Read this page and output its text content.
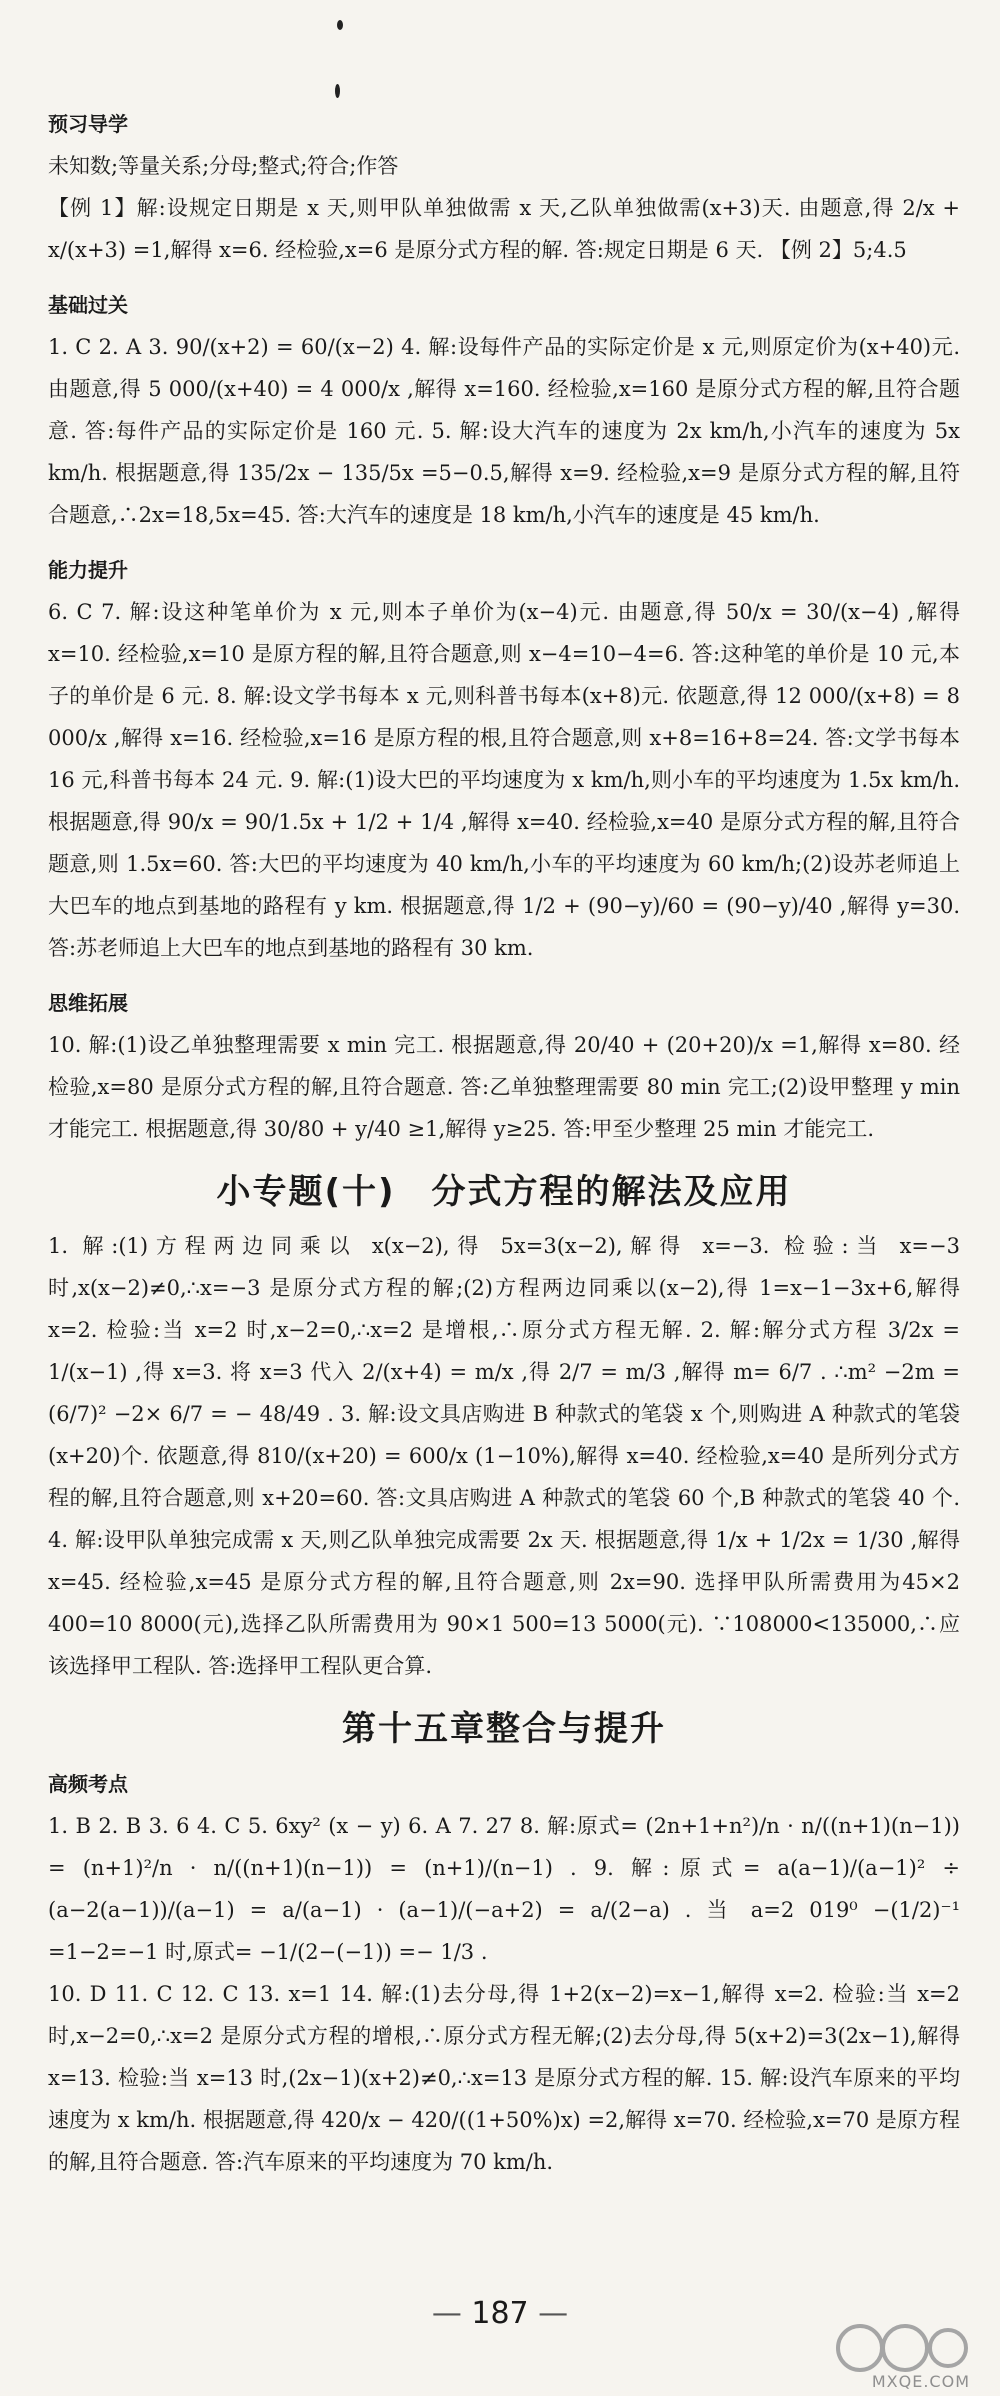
预习导学

未知数;等量关系;分母;整式;符合;作答

【例 1】解:设规定日期是 x 天,则甲队单独做需 x 天,乙队单独做需(x+3)天. 由题意,得 2/x + x/(x+3) =1,解得 x=6. 经检验,x=6 是原分式方程的解. 答:规定日期是 6 天. 【例 2】5;4.5

基础过关

1. C 2. A 3. 90/(x+2) = 60/(x−2) 4. 解:设每件产品的实际定价是 x 元,则原定价为(x+40)元. 由题意,得 5 000/(x+40) = 4 000/x ,解得 x=160. 经检验,x=160 是原分式方程的解,且符合题意. 答:每件产品的实际定价是 160 元. 5. 解:设大汽车的速度为 2x km/h,小汽车的速度为 5x km/h. 根据题意,得 135/2x − 135/5x =5−0.5,解得 x=9. 经检验,x=9 是原分式方程的解,且符合题意,∴2x=18,5x=45. 答:大汽车的速度是 18 km/h,小汽车的速度是 45 km/h.

能力提升

6. C 7. 解:设这种笔单价为 x 元,则本子单价为(x−4)元. 由题意,得 50/x = 30/(x−4) ,解得 x=10. 经检验,x=10 是原方程的解,且符合题意,则 x−4=10−4=6. 答:这种笔的单价是 10 元,本子的单价是 6 元. 8. 解:设文学书每本 x 元,则科普书每本(x+8)元. 依题意,得 12 000/(x+8) = 8 000/x ,解得 x=16. 经检验,x=16 是原方程的根,且符合题意,则 x+8=16+8=24. 答:文学书每本 16 元,科普书每本 24 元. 9. 解:(1)设大巴的平均速度为 x km/h,则小车的平均速度为 1.5x km/h. 根据题意,得 90/x = 90/1.5x + 1/2 + 1/4 ,解得 x=40. 经检验,x=40 是原分式方程的解,且符合题意,则 1.5x=60. 答:大巴的平均速度为 40 km/h,小车的平均速度为 60 km/h;(2)设苏老师追上大巴车的地点到基地的路程有 y km. 根据题意,得 1/2 + (90−y)/60 = (90−y)/40 ,解得 y=30. 答:苏老师追上大巴车的地点到基地的路程有 30 km.

思维拓展

10. 解:(1)设乙单独整理需要 x min 完工. 根据题意,得 20/40 + (20+20)/x =1,解得 x=80. 经检验,x=80 是原分式方程的解,且符合题意. 答:乙单独整理需要 80 min 完工;(2)设甲整理 y min才能完工. 根据题意,得 30/80 + y/40 ≥1,解得 y≥25. 答:甲至少整理 25 min 才能完工.

小专题(十)　分式方程的解法及应用

1. 解:(1)方程两边同乘以 x(x−2),得 5x=3(x−2),解得 x=−3. 检验:当 x=−3 时,x(x−2)≠0,∴x=−3 是原分式方程的解;(2)方程两边同乘以(x−2),得 1=x−1−3x+6,解得 x=2. 检验:当 x=2 时,x−2=0,∴x=2 是增根,∴原分式方程无解. 2. 解:解分式方程 3/2x = 1/(x−1) ,得 x=3. 将 x=3 代入 2/(x+4) = m/x ,得 2/7 = m/3 ,解得 m= 6/7 . ∴m² −2m = (6/7)² −2× 6/7 = − 48/49 . 3. 解:设文具店购进 B 种款式的笔袋 x 个,则购进 A 种款式的笔袋(x+20)个. 依题意,得 810/(x+20) = 600/x (1−10%),解得 x=40. 经检验,x=40 是所列分式方程的解,且符合题意,则 x+20=60. 答:文具店购进 A 种款式的笔袋 60 个,B 种款式的笔袋 40 个. 4. 解:设甲队单独完成需 x 天,则乙队单独完成需要 2x 天. 根据题意,得 1/x + 1/2x = 1/30 ,解得 x=45. 经检验,x=45 是原分式方程的解,且符合题意,则 2x=90. 选择甲队所需费用为45×2 400=10 8000(元),选择乙队所需费用为 90×1 500=13 5000(元). ∵108000<135000,∴应该选择甲工程队. 答:选择甲工程队更合算.

第十五章整合与提升
高频考点

1. B 2. B 3. 6 4. C 5. 6xy² (x − y) 6. A 7. 27 8. 解:原式= (2n+1+n²)/n · n/((n+1)(n−1)) = (n+1)²/n · n/((n+1)(n−1)) = (n+1)/(n−1) . 9. 解:原式= a(a−1)/(a−1)² ÷ (a−2(a−1))/(a−1) = a/(a−1) · (a−1)/(−a+2) = a/(2−a) . 当 a=2 019⁰ −(1/2)⁻¹ =1−2=−1 时,原式= −1/(2−(−1)) =− 1/3 .

10. D 11. C 12. C 13. x=1 14. 解:(1)去分母,得 1+2(x−2)=x−1,解得 x=2. 检验:当 x=2 时,x−2=0,∴x=2 是原分式方程的增根,∴原分式方程无解;(2)去分母,得 5(x+2)=3(2x−1),解得 x=13. 检验:当 x=13 时,(2x−1)(x+2)≠0,∴x=13 是原分式方程的解. 15. 解:设汽车原来的平均速度为 x km/h. 根据题意,得 420/x − 420/((1+50%)x) =2,解得 x=70. 经检验,x=70 是原方程的解,且符合题意. 答:汽车原来的平均速度为 70 km/h.

— 187 —
MXQE.COM
